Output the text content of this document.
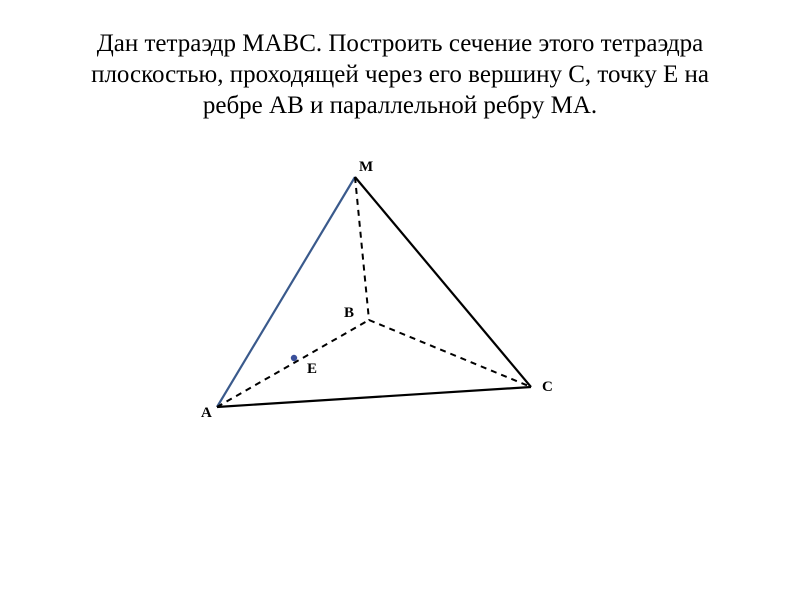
Дан тетраэдр МАВС. Построить сечение этого тетраэдра
плоскостью, проходящей через его вершину С, точку Е на
ребре АВ и параллельной ребру МА.
M
B
E
C
A
